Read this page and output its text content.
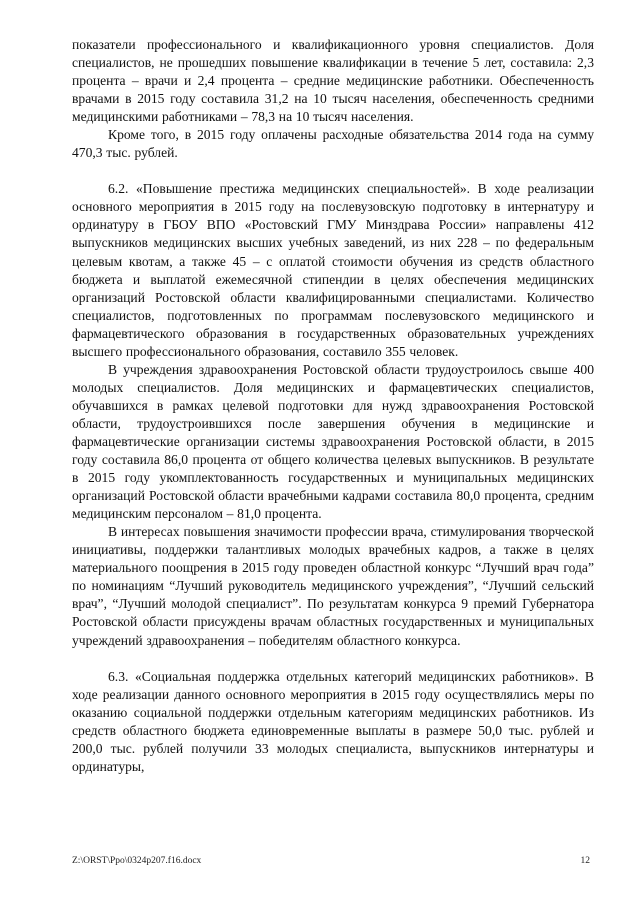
показатели профессионального и квалификационного уровня специалистов. Доля специалистов, не прошедших повышение квалификации в течение 5 лет, составила: 2,3 процента – врачи и 2,4 процента – средние медицинские работники. Обеспеченность врачами в 2015 году составила 31,2 на 10 тысяч населения, обеспеченность средними медицинскими работниками – 78,3 на 10 тысяч населения.

Кроме того, в 2015 году оплачены расходные обязательства 2014 года на сумму 470,3 тыс. рублей.

6.2. «Повышение престижа медицинских специальностей». В ходе реализации основного мероприятия в 2015 году на послевузовскую подготовку в интернатуру и ординатуру в ГБОУ ВПО «Ростовский ГМУ Минздрава России» направлены 412 выпускников медицинских высших учебных заведений, из них 228 – по федеральным целевым квотам, а также 45 – с оплатой стоимости обучения из средств областного бюджета и выплатой ежемесячной стипендии в целях обеспечения медицинских организаций Ростовской области квалифицированными специалистами. Количество специалистов, подготовленных по программам послевузовского медицинского и фармацевтического образования в государственных образовательных учреждениях высшего профессионального образования, составило 355 человек.

В учреждения здравоохранения Ростовской области трудоустроилось свыше 400 молодых специалистов. Доля медицинских и фармацевтических специалистов, обучавшихся в рамках целевой подготовки для нужд здравоохранения Ростовской области, трудоустроившихся после завершения обучения в медицинские и фармацевтические организации системы здравоохранения Ростовской области, в 2015 году составила 86,0 процента от общего количества целевых выпускников. В результате в 2015 году укомплектованность государственных и муниципальных медицинских организаций Ростовской области врачебными кадрами составила 80,0 процента, средним медицинским персоналом – 81,0 процента.

В интересах повышения значимости профессии врача, стимулирования творческой инициативы, поддержки талантливых молодых врачебных кадров, а также в целях материального поощрения в 2015 году проведен областной конкурс “Лучший врач года” по номинациям “Лучший руководитель медицинского учреждения”, “Лучший сельский врач”, “Лучший молодой специалист”. По результатам конкурса 9 премий Губернатора Ростовской области присуждены врачам областных государственных и муниципальных учреждений здравоохранения – победителям областного конкурса.

6.3. «Социальная поддержка отдельных категорий медицинских работников». В ходе реализации данного основного мероприятия в 2015 году осуществлялись меры по оказанию социальной поддержки отдельным категориям медицинских работников. Из средств областного бюджета единовременные выплаты в размере 50,0 тыс. рублей и 200,0 тыс. рублей получили 33 молодых специалиста, выпускников интернатуры и ординатуры,

Z:\ORST\Ppo\0324p207.f16.docx	12
